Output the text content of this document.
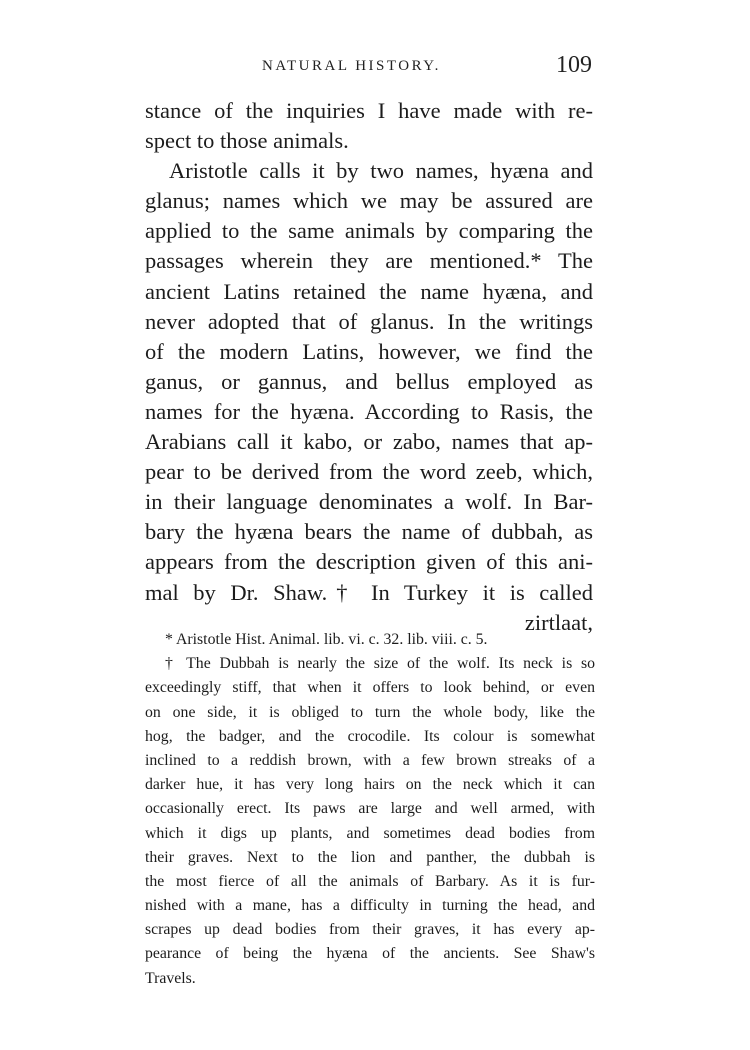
NATURAL HISTORY.	109
stance of the inquiries I have made with re-
spect to those animals.
Aristotle calls it by two names, hyæna and
glanus; names which we may be assured are
applied to the same animals by comparing the
passages wherein they are mentioned.* The
ancient Latins retained the name hyæna, and
never adopted that of glanus. In the writings
of the modern Latins, however, we find the
ganus, or gannus, and bellus employed as
names for the hyæna. According to Rasis, the
Arabians call it kabo, or zabo, names that ap-
pear to be derived from the word zeeb, which,
in their language denominates a wolf. In Bar-
bary the hyæna bears the name of dubbah, as
appears from the description given of this ani-
mal by Dr. Shaw.† In Turkey it is called
zirtlaat,
* Aristotle Hist. Animal. lib. vi. c. 32. lib. viii. c. 5.
† The Dubbah is nearly the size of the wolf. Its neck is so
exceedingly stiff, that when it offers to look behind, or even
on one side, it is obliged to turn the whole body, like the
hog, the badger, and the crocodile. Its colour is somewhat
inclined to a reddish brown, with a few brown streaks of a
darker hue, it has very long hairs on the neck which it can
occasionally erect. Its paws are large and well armed, with
which it digs up plants, and sometimes dead bodies from
their graves. Next to the lion and panther, the dubbah is
the most fierce of all the animals of Barbary. As it is fur-
nished with a mane, has a difficulty in turning the head, and
scrapes up dead bodies from their graves, it has every ap-
pearance of being the hyæna of the ancients. See Shaw's
Travels.
